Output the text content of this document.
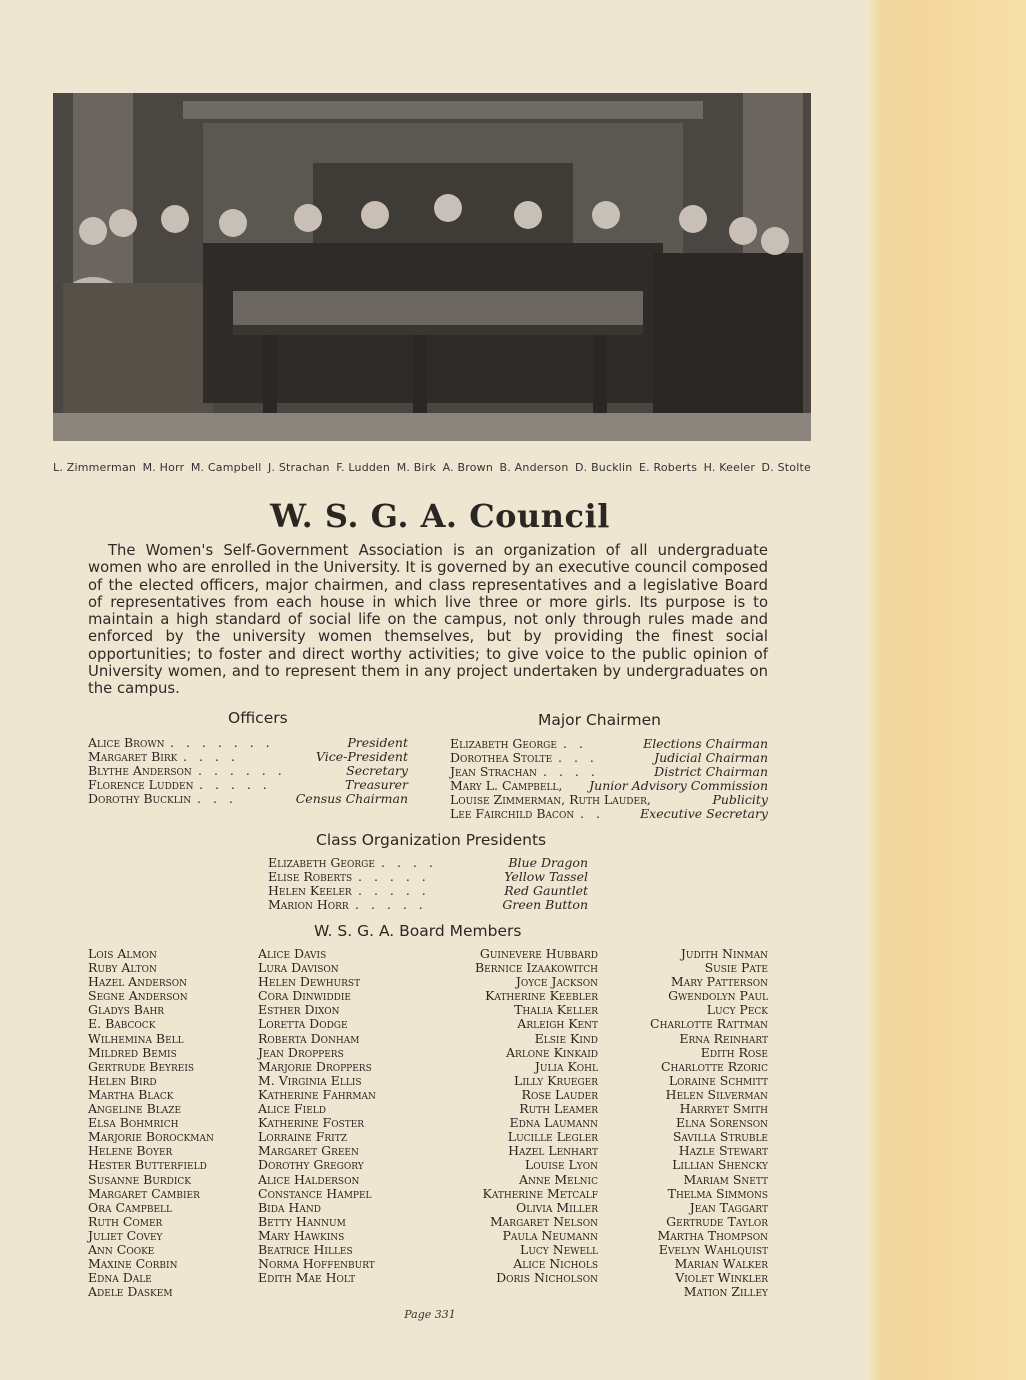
L. Zimmerman M. Horr M. Campbell J. Strachan F. Ludden M. Birk A. Brown B. Anderson D. Bucklin E. Roberts H. Keeler D. Stolte
W. S. G. A. Council

The Women's Self-Government Association is an organization of all undergraduate women who are enrolled in the University. It is governed by an executive council composed of the elected officers, major chairmen, and class representatives and a legislative Board of representatives from each house in which live three or more girls. Its purpose is to maintain a high standard of social life on the campus, not only through rules made and enforced by the university women themselves, but by providing the finest social opportunities; to foster and direct worthy activities; to give voice to the public opinion of University women, and to represent them in any project undertaken by undergraduates on the campus.

Officers	Major Chairmen
Class Organization Presidents
W. S. G. A. Board Members
Alice Brown . . . . . . .	President
Margaret Birk . . . .	Vice-President
Blythe Anderson . . . . . .	Secretary
Florence Ludden . . . . .	Treasurer
Dorothy Bucklin . . .	Census Chairman
Elizabeth George . .	Elections Chairman
Dorothea Stolte . . .	Judicial Chairman
Jean Strachan . . . .	District Chairman
Mary L. Campbell, Junior Advisory Commission
Louise Zimmerman, Ruth Lauder,	Publicity
Lee Fairchild Bacon . .	Executive Secretary
Elizabeth George . . . .	Blue Dragon
Elise Roberts . . . . .	Yellow Tassel
Helen Keeler . . . . .	Red Gauntlet
Marion Horr . . . . .	Green Button
Lois Almon
Ruby Alton
Hazel Anderson
Segne Anderson
Gladys Bahr
E. Babcock
Wilhemina Bell
Mildred Bemis
Gertrude Beyreis
Helen Bird
Martha Black
Angeline Blaze
Elsa Bohmrich
Marjorie Borockman
Helene Boyer
Hester Butterfield
Susanne Burdick
Margaret Cambier
Ora Campbell
Ruth Comer
Juliet Covey
Ann Cooke
Maxine Corbin
Edna Dale
Adele Daskem
Alice Davis
Lura Davison
Helen Dewhurst
Cora Dinwiddie
Esther Dixon
Loretta Dodge
Roberta Donham
Jean Droppers
Marjorie Droppers
M. Virginia Ellis
Katherine Fahrman
Alice Field
Katherine Foster
Lorraine Fritz
Margaret Green
Dorothy Gregory
Alice Halderson
Constance Hampel
Bida Hand
Betty Hannum
Mary Hawkins
Beatrice Hilles
Norma Hoffenburt
Edith Mae Holt
Guinevere Hubbard
Bernice Izaakowitch
Joyce Jackson
Katherine Keebler
Thalia Keller
Arleigh Kent
Elsie Kind
Arlone Kinkaid
Julia Kohl
Lilly Krueger
Rose Lauder
Ruth Leamer
Edna Laumann
Lucille Legler
Hazel Lenhart
Louise Lyon
Anne Melnic
Katherine Metcalf
Olivia Miller
Margaret Nelson
Paula Neumann
Lucy Newell
Alice Nichols
Doris Nicholson
Judith Ninman
Susie Pate
Mary Patterson
Gwendolyn Paul
Lucy Peck
Charlotte Rattman
Erna Reinhart
Edith Rose
Charlotte Rzoric
Loraine Schmitt
Helen Silverman
Harryet Smith
Elna Sorenson
Savilla Struble
Hazle Stewart
Lillian Shencky
Mariam Snett
Thelma Simmons
Jean Taggart
Gertrude Taylor
Martha Thompson
Evelyn Wahlquist
Marian Walker
Violet Winkler
Mation Zilley
Page 331
